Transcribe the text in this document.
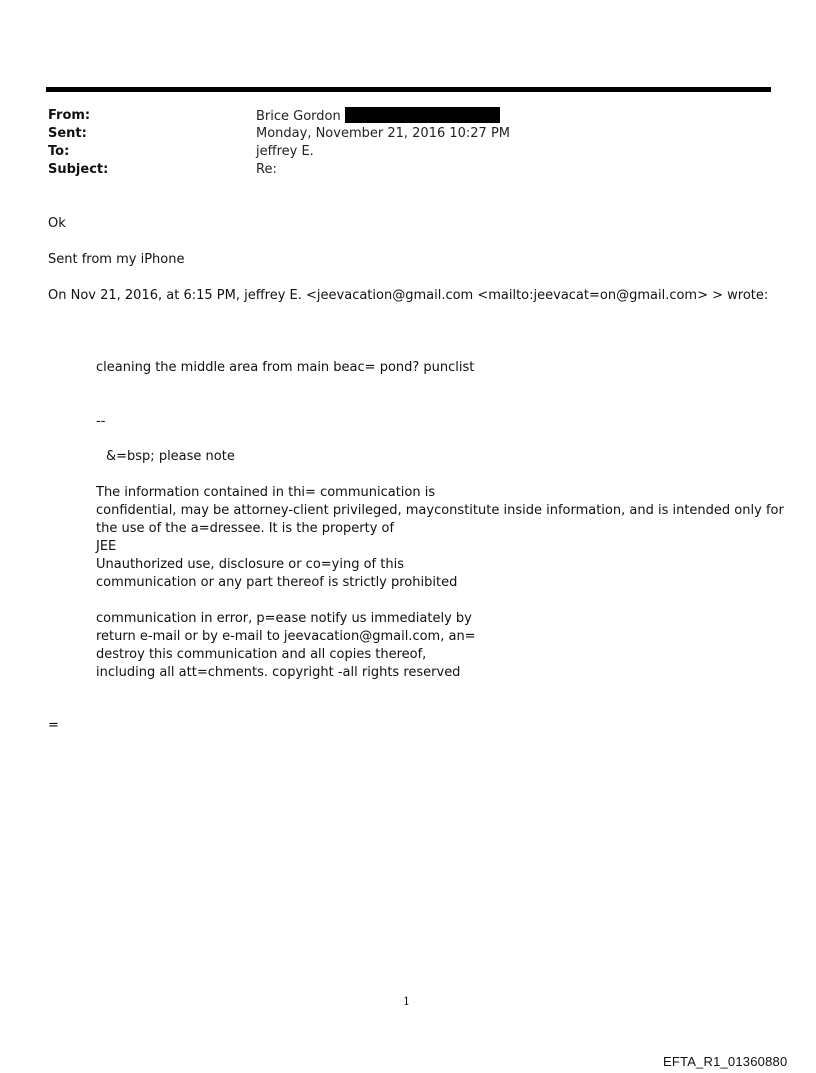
From:	Brice Gordon
Sent:	Monday, November 21, 2016 10:27 PM
To:	jeffrey E.
Subject:	Re:
Ok
Sent from my iPhone
On Nov 21, 2016, at 6:15 PM, jeffrey E. <jeevacation@gmail.com <mailto:jeevacat=on@gmail.com> > wrote:
cleaning the middle area from main beac= pond? punclist
--
&=bsp; please note
The information contained in thi= communication is
confidential, may be attorney-client privileged, mayconstitute inside information, and is intended only for
the use of the a=dressee. It is the property of
JEE
Unauthorized use, disclosure or co=ying of this
communication or any part thereof is strictly prohibited
communication in error, p=ease notify us immediately by
return e-mail or by e-mail to jeevacation@gmail.com, an=
destroy this communication and all copies thereof,
including all att=chments. copyright -all rights reserved
=
1
EFTA_R1_01360880
